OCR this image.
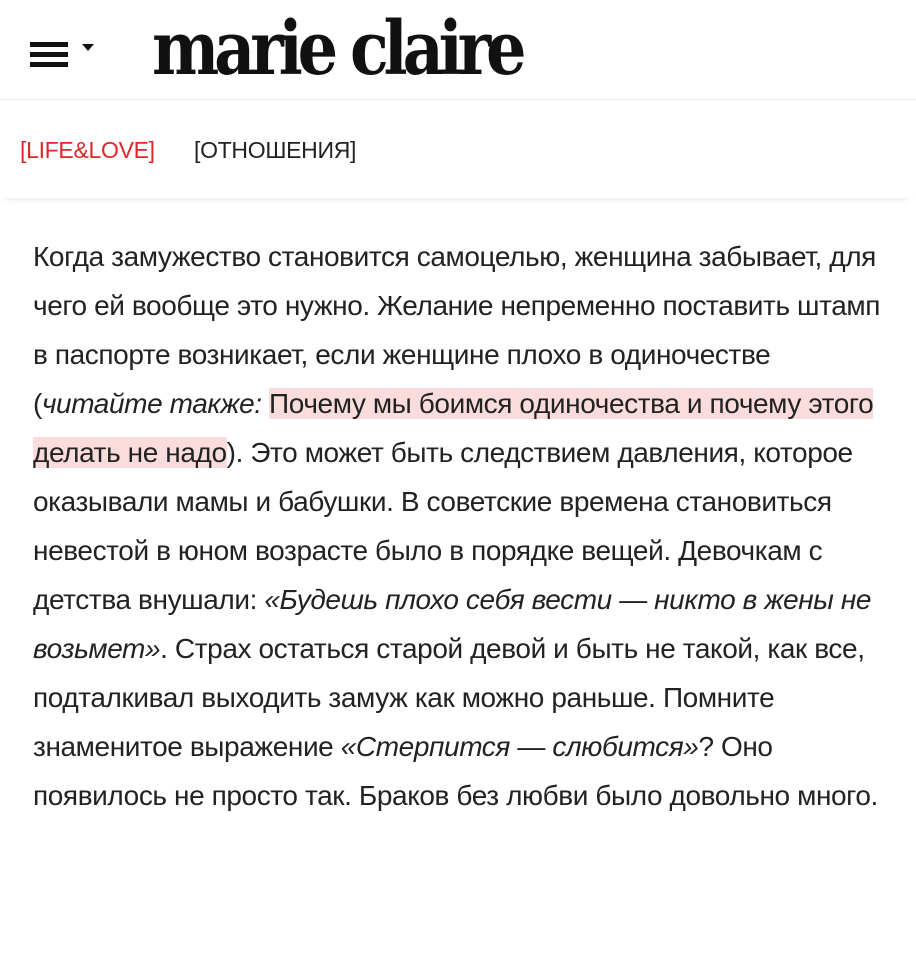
marie claire
[LIFE&LOVE] [ОТНОШЕНИЯ]

Когда замужество становится самоцелью, женщина забывает, для чего ей вообще это нужно. Желание непременно поставить штамп в паспорте возникает, если женщине плохо в одиночестве (читайте также: Почему мы боимся одиночества и почему этого делать не надо). Это может быть следствием давления, которое оказывали мамы и бабушки. В советские времена становиться невестой в юном возрасте было в порядке вещей. Девочкам с детства внушали: «Будешь плохо себя вести — никто в жены не возьмет». Страх остаться старой девой и быть не такой, как все, подталкивал выходить замуж как можно раньше. Помните знаменитое выражение «Стерпится — слюбится»? Оно появилось не просто так. Браков без любви было довольно много.
